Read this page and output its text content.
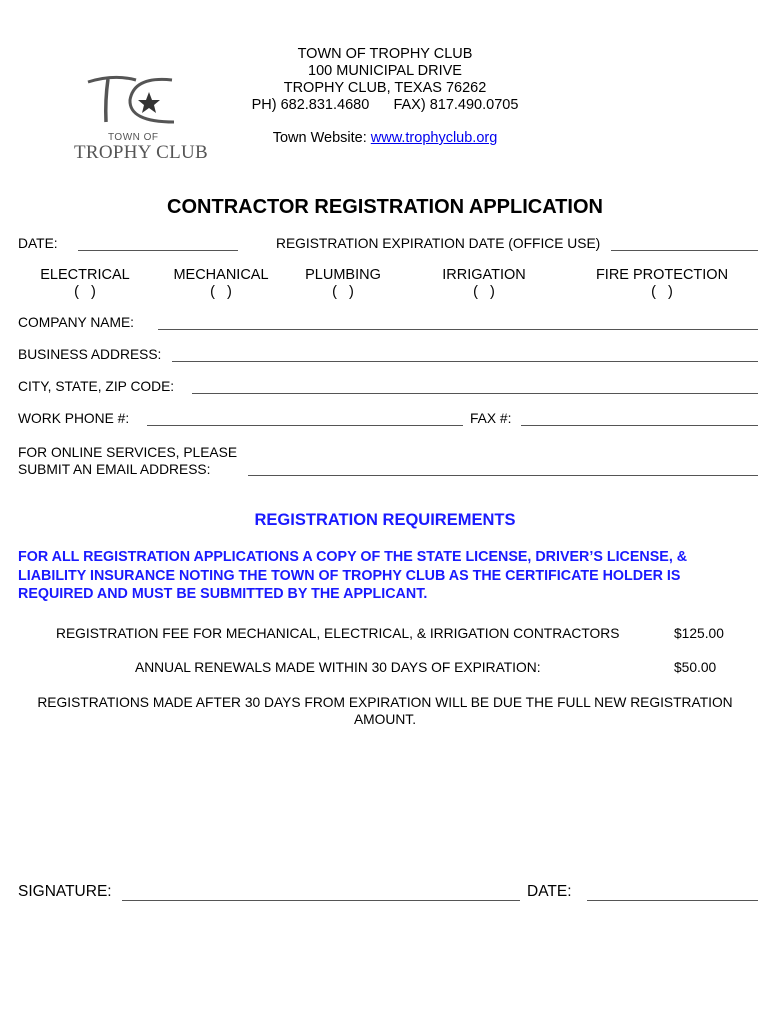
TOWN OF
TROPHY CLUB
TOWN OF TROPHY CLUB
100 MUNICIPAL DRIVE
TROPHY CLUB, TEXAS 76262
PH) 682.831.4680      FAX) 817.490.0705
Town Website: www.trophyclub.org
CONTRACTOR REGISTRATION APPLICATION
DATE:	REGISTRATION EXPIRATION DATE (OFFICE USE)
ELECTRICAL
(   )
MECHANICAL
(   )
PLUMBING
(   )
IRRIGATION
(   )
FIRE PROTECTION
(   )
COMPANY NAME:
BUSINESS ADDRESS:
CITY, STATE, ZIP CODE:
WORK PHONE #:	FAX #:
FOR ONLINE SERVICES, PLEASE
SUBMIT AN EMAIL ADDRESS:
REGISTRATION REQUIREMENTS
FOR ALL REGISTRATION APPLICATIONS A COPY OF THE STATE LICENSE, DRIVER’S LICENSE, & LIABILITY INSURANCE NOTING THE TOWN OF TROPHY CLUB AS THE CERTIFICATE HOLDER IS REQUIRED AND MUST BE SUBMITTED BY THE APPLICANT.
REGISTRATION FEE FOR MECHANICAL, ELECTRICAL, & IRRIGATION CONTRACTORS	$125.00
ANNUAL RENEWALS MADE WITHIN 30 DAYS OF EXPIRATION:	$50.00
REGISTRATIONS MADE AFTER 30 DAYS FROM EXPIRATION WILL BE DUE THE FULL NEW REGISTRATION AMOUNT.
SIGNATURE:	DATE:
